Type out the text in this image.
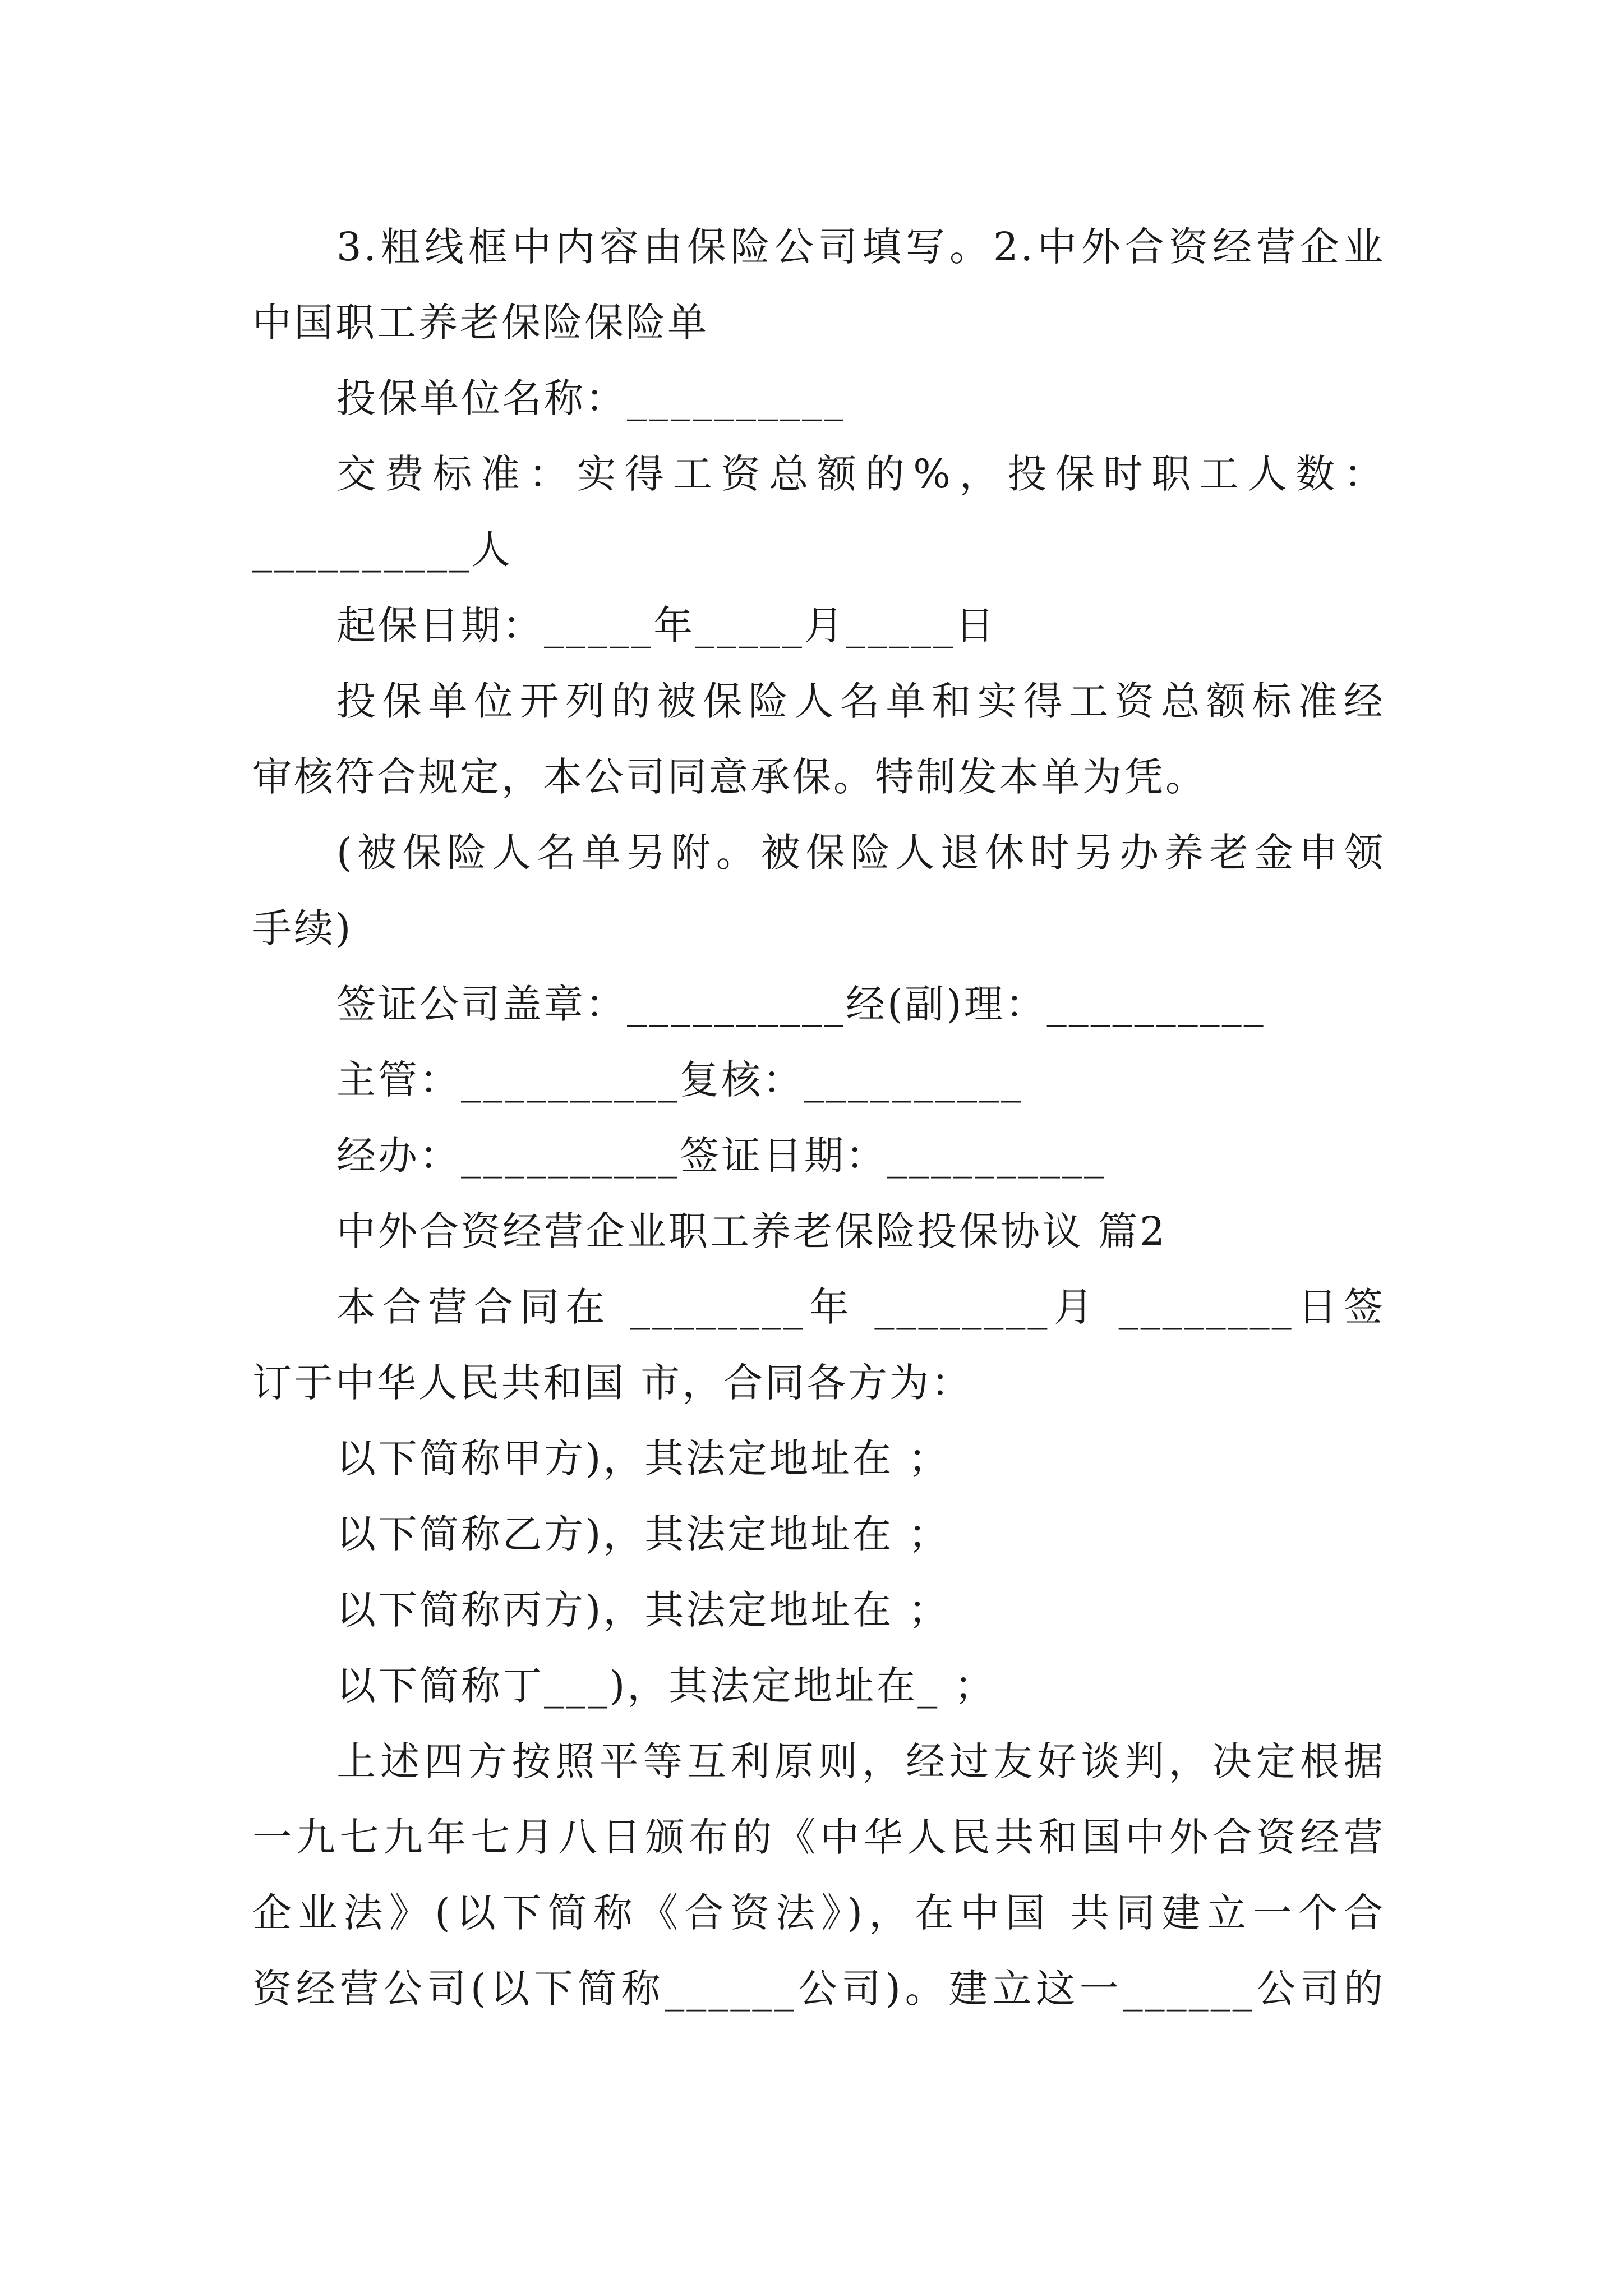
3.粗线框中内容由保险公司填写。2.中外合资经营企业
中国职工养老保险保险单
投保单位名称：__________
交费标准：实得工资总额的%，投保时职工人数：
__________人
起保日期：_____年_____月_____日
投保单位开列的被保险人名单和实得工资总额标准经
审核符合规定，本公司同意承保。特制发本单为凭。
(被保险人名单另附。被保险人退休时另办养老金申领
手续)
签证公司盖章：__________经(副)理：__________
主管：__________复核：__________
经办：__________签证日期：__________
中外合资经营企业职工养老保险投保协议 篇2
本合营合同在 ________年 ________月 ________日签
订于中华人民共和国 市，合同各方为：
以下简称甲方)，其法定地址在 ；
以下简称乙方)，其法定地址在 ；
以下简称丙方)，其法定地址在 ；
以下简称丁___)，其法定地址在_ ；
上述四方按照平等互利原则，经过友好谈判，决定根据
一九七九年七月八日颁布的《中华人民共和国中外合资经营
企业法》(以下简称《合资法》)，在中国 共同建立一个合
资经营公司(以下简称______公司)。建立这一______公司的
